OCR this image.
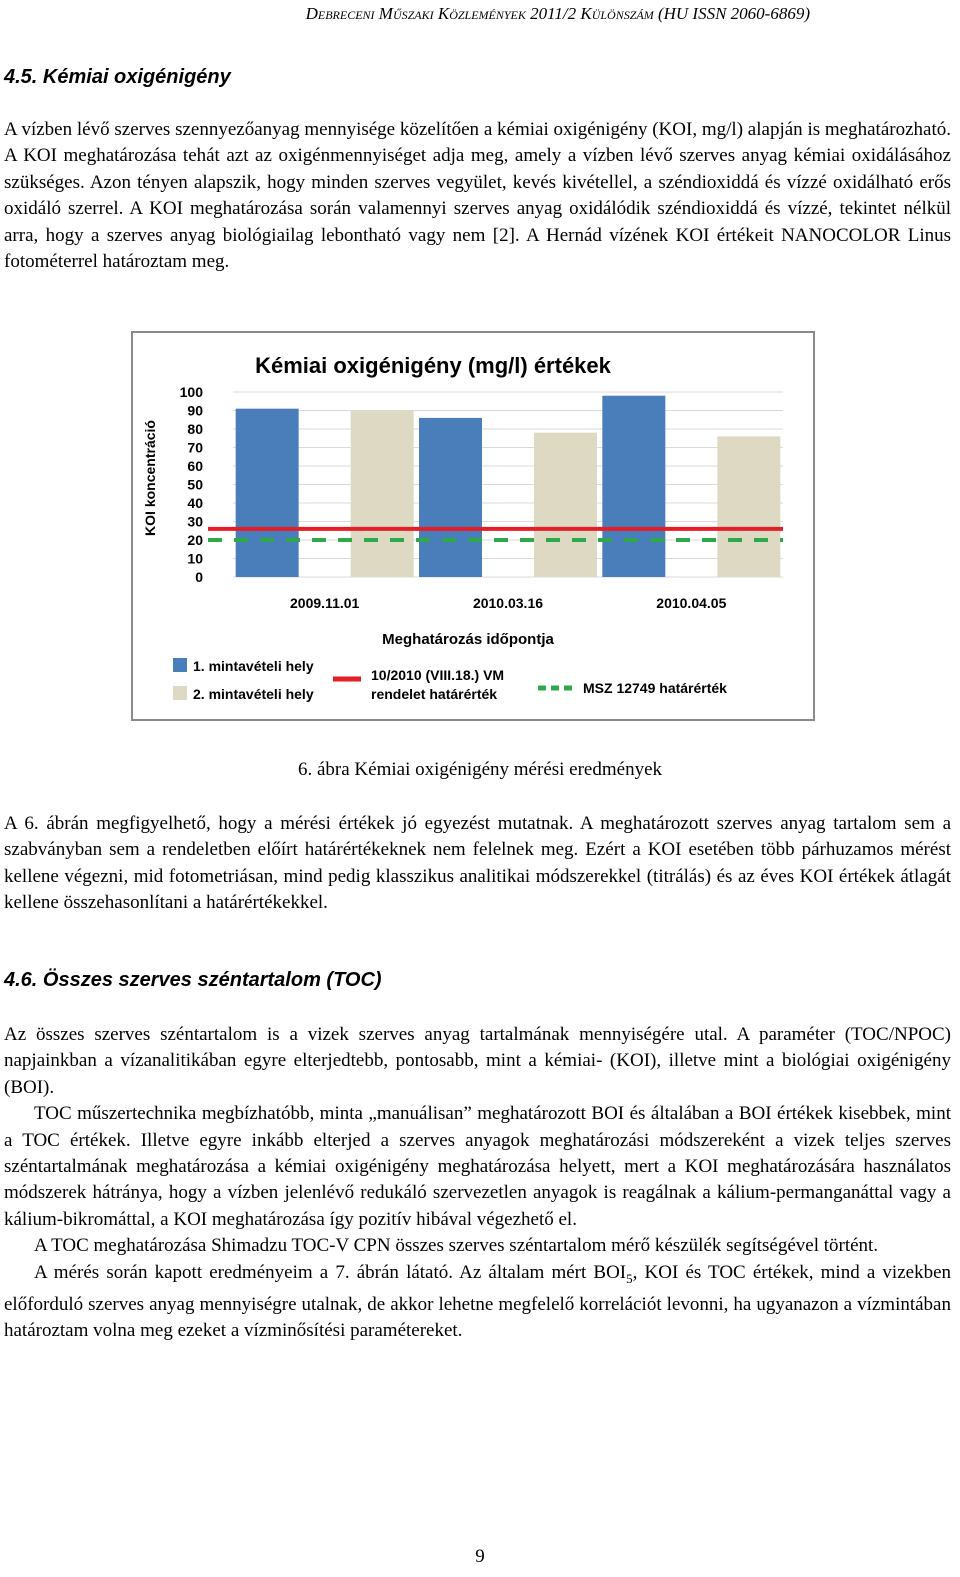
Debreceni Műszaki Közlemények 2011/2 Különszám (HU ISSN 2060-6869)
4.5. Kémiai oxigénigény

A vízben lévő szerves szennyezőanyag mennyisége közelítően a kémiai oxigénigény (KOI, mg/l) alapján is meghatározható. A KOI meghatározása tehát azt az oxigénmennyiséget adja meg, amely a vízben lévő szerves anyag kémiai oxidálásához szükséges. Azon tényen alapszik, hogy minden szerves vegyület, kevés kivétellel, a széndioxiddá és vízzé oxidálható erős oxidáló szerrel. A KOI meghatározása során valamennyi szerves anyag oxidálódik széndioxiddá és vízzé, tekintet nélkül arra, hogy a szerves anyag biológiailag lebontható vagy nem [2]. A Hernád vízének KOI értékeit NANOCOLOR Linus fotométerrel határoztam meg.

Kémiai oxigénigény (mg/l) értékek
KOI koncentráció
Meghatározás időpontja
100
90
80
70
60
50
40
30
20
10
0
2009.11.01	2010.03.16	2010.04.05
1. mintavételi hely
2. mintavételi hely
10/2010 (VIII.18.) VM
rendelet határérték	MSZ 12749 határérték
6. ábra Kémiai oxigénigény mérési eredmények

A 6. ábrán megfigyelhető, hogy a mérési értékek jó egyezést mutatnak. A meghatározott szerves anyag tartalom sem a szabványban sem a rendeletben előírt határértékeknek nem felelnek meg. Ezért a KOI esetében több párhuzamos mérést kellene végezni, mid fotometriásan, mind pedig klasszikus analitikai módszerekkel (titrálás) és az éves KOI értékek átlagát kellene összehasonlítani a határértékekkel.

4.6. Összes szerves széntartalom (TOC)

Az összes szerves széntartalom is a vizek szerves anyag tartalmának mennyiségére utal. A paraméter (TOC/NPOC) napjainkban a vízanalitikában egyre elterjedtebb, pontosabb, mint a kémiai- (KOI), illetve mint a biológiai oxigénigény (BOI).

TOC műszertechnika megbízhatóbb, minta „manuálisan” meghatározott BOI és általában a BOI értékek kisebbek, mint a TOC értékek. Illetve egyre inkább elterjed a szerves anyagok meghatározási módszereként a vizek teljes szerves széntartalmának meghatározása a kémiai oxigénigény meghatározása helyett, mert a KOI meghatározására használatos módszerek hátránya, hogy a vízben jelenlévő redukáló szervezetlen anyagok is reagálnak a kálium-permanganáttal vagy a kálium-bikromáttal, a KOI meghatározása így pozitív hibával végezhető el.

A TOC meghatározása Shimadzu TOC-V CPN összes szerves széntartalom mérő készülék segítségével történt.

A mérés során kapott eredményeim a 7. ábrán látató. Az általam mért $BOI_5$, KOI és TOC értékek, mind a vizekben előforduló szerves anyag mennyiségre utalnak, de akkor lehetne megfelelő korrelációt levonni, ha ugyanazon a vízmintában határoztam volna meg ezeket a vízminősítési paramétereket.

9
